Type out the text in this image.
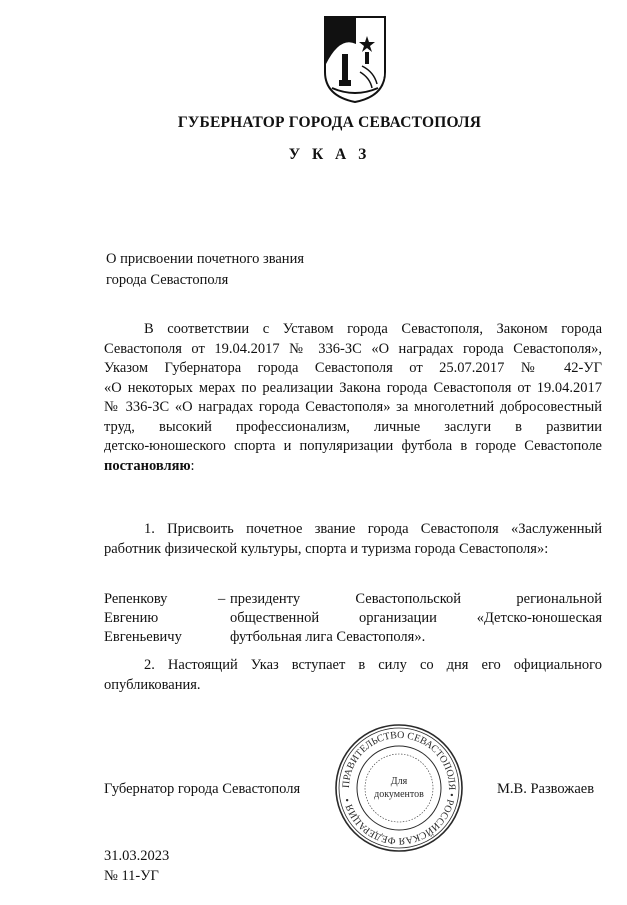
ГУБЕРНАТОР ГОРОДА СЕВАСТОПОЛЯ
У К А З
О присвоении почетного звания
города Севастополя
В соответствии с Уставом города Севастополя, Законом города
Севастополя от 19.04.2017 № 336-ЗС «О наградах города Севастополя»,
Указом Губернатора города Севастополя от 25.07.2017 № 42-УГ
«О некоторых мерах по реализации Закона города Севастополя от 19.04.2017
№ 336-ЗС «О наградах города Севастополя» за многолетний добросовестный
труд, высокий профессионализм, личные заслуги в развитии
детско-юношеского спорта и популяризации футбола в городе Севастополе
постановляю:
1. Присвоить почетное звание города Севастополя «Заслуженный
работник физической культуры, спорта и туризма города Севастополя»:
Репенкову
Евгению
Евгеньевичу
– президенту Севастопольской региональной
общественной организации «Детско-юношеская
футбольная лига Севастополя».
2. Настоящий Указ вступает в силу со дня его официального
опубликования.
ПРАВИТЕЛЬСТВО СЕВАСТОПОЛЯ • РОССИЙСКАЯ ФЕДЕРАЦИЯ •
Для
документов
Губернатор города Севастополя	М.В. Развожаев
31.03.2023
№ 11-УГ
